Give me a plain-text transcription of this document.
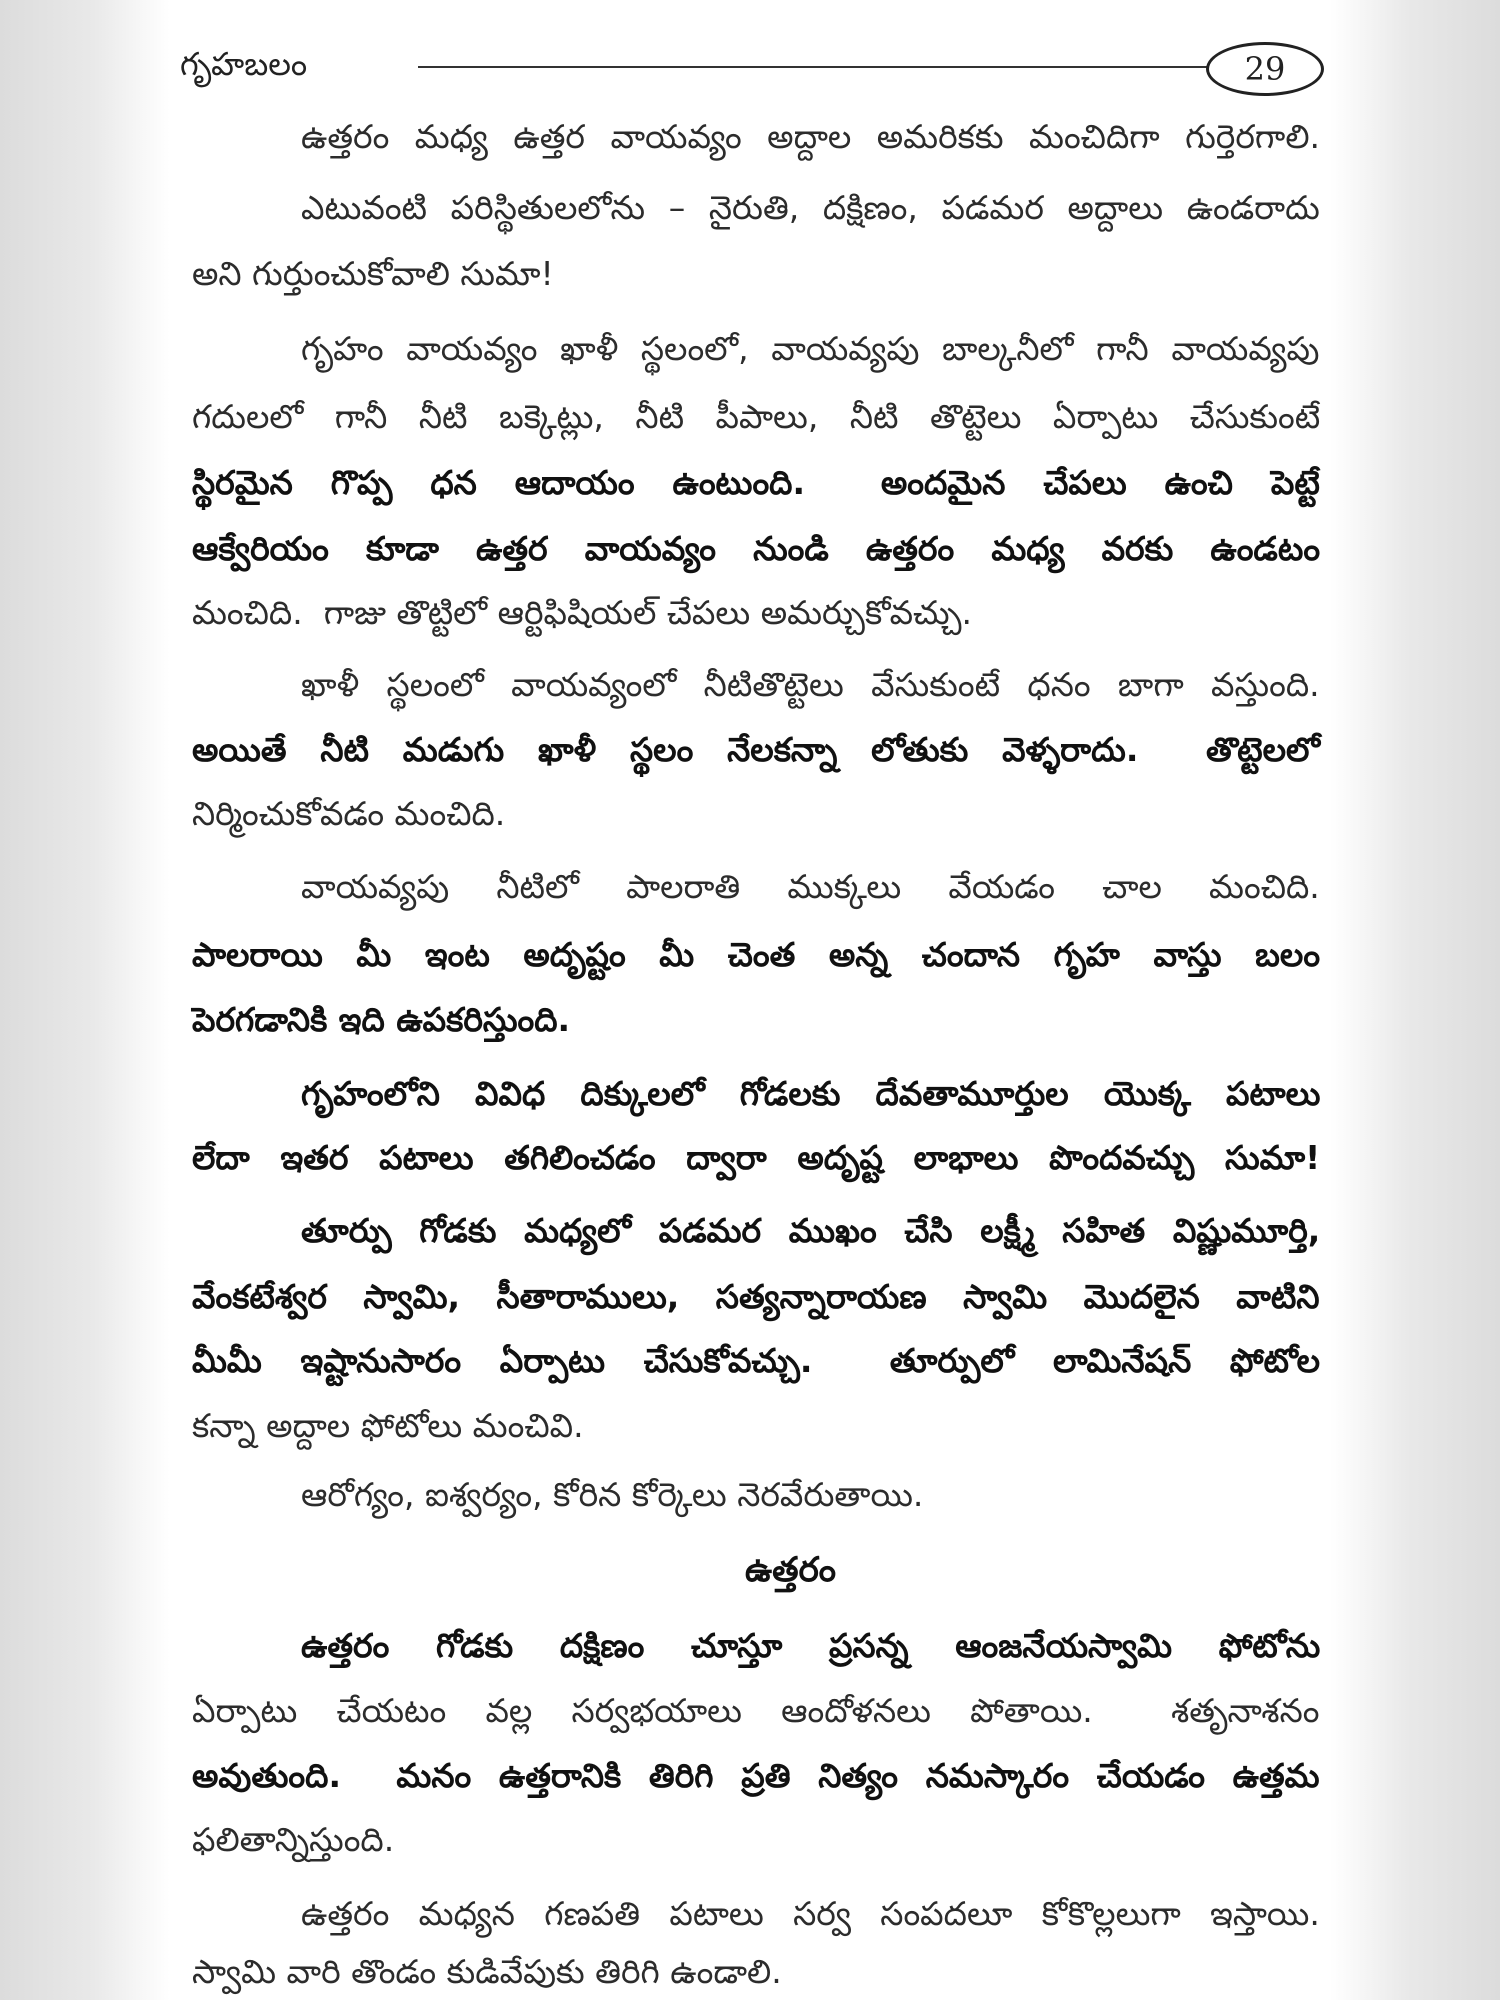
గృహబలం	29
ఉత్తరం మధ్య ఉత్తర వాయవ్యం అద్దాల అమరికకు మంచిదిగా గుర్తెరగాలి.
ఎటువంటి పరిస్థితులలోను – నైరుతి, దక్షిణం, పడమర అద్దాలు ఉండరాదు
అని గుర్తుంచుకోవాలి సుమా!
గృహం వాయవ్యం ఖాళీ స్థలంలో, వాయవ్యపు బాల్కనీలో గానీ వాయవ్యపు
గదులలో గానీ నీటి బక్కెట్లు, నీటి పీపాలు, నీటి తొట్టెలు ఏర్పాటు చేసుకుంటే
స్థిరమైన గొప్ప ధన ఆదాయం ఉంటుంది.  అందమైన చేపలు ఉంచి పెట్టే
ఆక్వేరియం కూడా ఉత్తర వాయవ్యం నుండి ఉత్తరం మధ్య వరకు ఉండటం
మంచిది.  గాజు తొట్టిలో ఆర్టిఫిషియల్ చేపలు అమర్చుకోవచ్చు.
ఖాళీ స్థలంలో వాయవ్యంలో నీటితొట్టెలు వేసుకుంటే ధనం బాగా వస్తుంది.
అయితే నీటి మడుగు ఖాళీ స్థలం నేలకన్నా లోతుకు వెళ్ళరాదు.  తొట్టెలలో
నిర్మించుకోవడం మంచిది.
వాయవ్యపు నీటిలో పాలరాతి ముక్కలు వేయడం చాల మంచిది.
పాలరాయి మీ ఇంట అదృష్టం మీ చెంత అన్న చందాన గృహ వాస్తు బలం
పెరగడానికి ఇది ఉపకరిస్తుంది.
గృహంలోని వివిధ దిక్కులలో గోడలకు దేవతామూర్తుల యొక్క పటాలు
లేదా ఇతర పటాలు తగిలించడం ద్వారా అదృష్ట లాభాలు పొందవచ్చు సుమా!
తూర్పు గోడకు మధ్యలో పడమర ముఖం చేసి లక్ష్మీ సహిత విష్ణుమూర్తి,
వేంకటేశ్వర స్వామి, సీతారాములు, సత్యన్నారాయణ స్వామి మొదలైన వాటిని
మీమీ ఇష్టానుసారం ఏర్పాటు చేసుకోవచ్చు.  తూర్పులో లామినేషన్ ఫోటోల
కన్నా అద్దాల ఫోటోలు మంచివి.
ఆరోగ్యం, ఐశ్వర్యం, కోరిన కోర్కెలు నెరవేరుతాయి.
ఉత్తరం
ఉత్తరం గోడకు దక్షిణం చూస్తూ ప్రసన్న ఆంజనేయస్వామి ఫోటోను
ఏర్పాటు చేయటం వల్ల సర్వభయాలు ఆందోళనలు పోతాయి.  శతృనాశనం
అవుతుంది.  మనం ఉత్తరానికి తిరిగి ప్రతి నిత్యం నమస్కారం చేయడం ఉత్తమ
ఫలితాన్నిస్తుంది.
ఉత్తరం మధ్యన గణపతి పటాలు సర్వ సంపదలూ కోకొల్లలుగా ఇస్తాయి.
స్వామి వారి తొండం కుడివేపుకు తిరిగి ఉండాలి.
